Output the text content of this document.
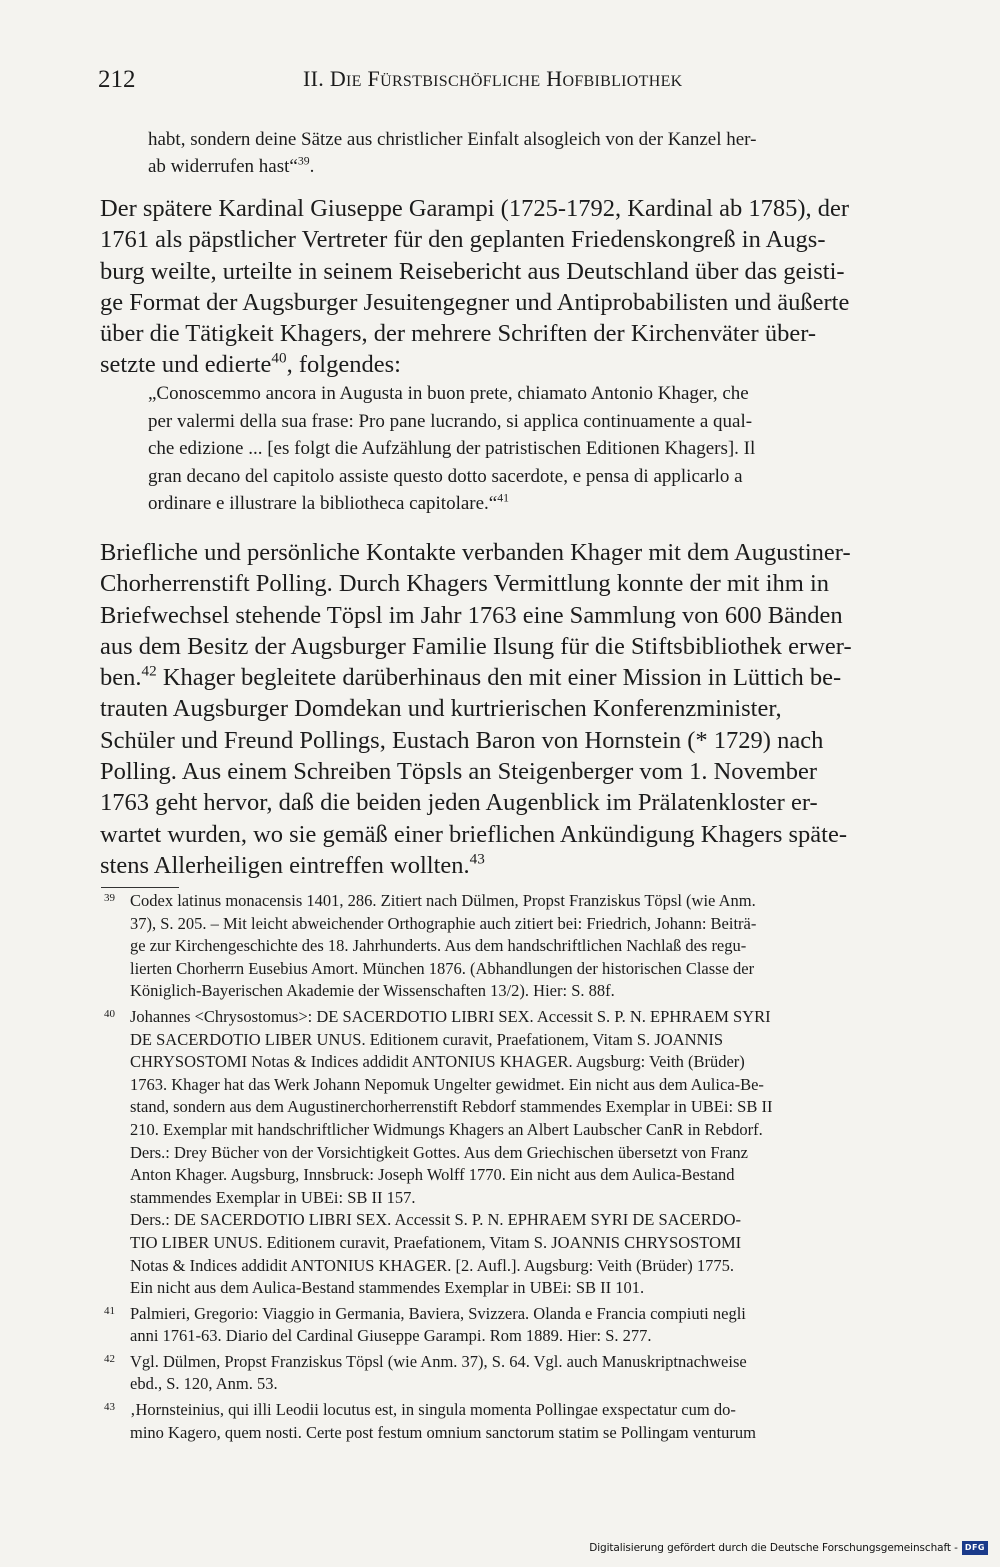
212	II. DIE FÜRSTBISCHÖFLICHE HOFBIBLIOTHEK
habt, sondern deine Sätze aus christlicher Einfalt alsogleich von der Kanzel her-
ab widerrufen hast“$^{39}$.
Der spätere Kardinal Giuseppe Garampi (1725-1792, Kardinal ab 1785), der
1761 als päpstlicher Vertreter für den geplanten Friedenskongreß in Augs-
burg weilte, urteilte in seinem Reisebericht aus Deutschland über das geisti-
ge Format der Augsburger Jesuitengegner und Antiprobabilisten und äußerte
über die Tätigkeit Khagers, der mehrere Schriften der Kirchenväter über-
setzte und edierte$^{40}$, folgendes:
„Conoscemmo ancora in Augusta in buon prete, chiamato Antonio Khager, che
per valermi della sua frase: Pro pane lucrando, si applica continuamente a qual-
che edizione ... [es folgt die Aufzählung der patristischen Editionen Khagers]. Il
gran decano del capitolo assiste questo dotto sacerdote, e pensa di applicarlo a
ordinare e illustrare la bibliotheca capitolare.“$^{41}$
Briefliche und persönliche Kontakte verbanden Khager mit dem Augustiner-
Chorherrenstift Polling. Durch Khagers Vermittlung konnte der mit ihm in
Briefwechsel stehende Töpsl im Jahr 1763 eine Sammlung von 600 Bänden
aus dem Besitz der Augsburger Familie Ilsung für die Stiftsbibliothek erwer-
ben.$^{42}$ Khager begleitete darüberhinaus den mit einer Mission in Lüttich be-
trauten Augsburger Domdekan und kurtrierischen Konferenzminister,
Schüler und Freund Pollings, Eustach Baron von Hornstein (* 1729) nach
Polling. Aus einem Schreiben Töpsls an Steigenberger vom 1. November
1763 geht hervor, daß die beiden jeden Augenblick im Prälatenkloster er-
wartet wurden, wo sie gemäß einer brieflichen Ankündigung Khagers späte-
stens Allerheiligen eintreffen wollten.$^{43}$
39 Codex latinus monacensis 1401, 286. Zitiert nach Dülmen, Propst Franziskus Töpsl (wie Anm.
37), S. 205. – Mit leicht abweichender Orthographie auch zitiert bei: Friedrich, Johann: Beiträ-
ge zur Kirchengeschichte des 18. Jahrhunderts. Aus dem handschriftlichen Nachlaß des regu-
lierten Chorherrn Eusebius Amort. München 1876. (Abhandlungen der historischen Classe der
Königlich-Bayerischen Akademie der Wissenschaften 13/2). Hier: S. 88f.
40 Johannes <Chrysostomus>: DE SACERDOTIO LIBRI SEX. Accessit S. P. N. EPHRAEM SYRI
DE SACERDOTIO LIBER UNUS. Editionem curavit, Praefationem, Vitam S. JOANNIS
CHRYSOSTOMI Notas & Indices addidit ANTONIUS KHAGER. Augsburg: Veith (Brüder)
1763. Khager hat das Werk Johann Nepomuk Ungelter gewidmet. Ein nicht aus dem Aulica-Be-
stand, sondern aus dem Augustinerchorherrenstift Rebdorf stammendes Exemplar in UBEi: SB II
210. Exemplar mit handschriftlicher Widmungs Khagers an Albert Laubscher CanR in Rebdorf.
Ders.: Drey Bücher von der Vorsichtigkeit Gottes. Aus dem Griechischen übersetzt von Franz
Anton Khager. Augsburg, Innsbruck: Joseph Wolff 1770. Ein nicht aus dem Aulica-Bestand
stammendes Exemplar in UBEi: SB II 157.
Ders.: DE SACERDOTIO LIBRI SEX. Accessit S. P. N. EPHRAEM SYRI DE SACERDO-
TIO LIBER UNUS. Editionem curavit, Praefationem, Vitam S. JOANNIS CHRYSOSTOMI
Notas & Indices addidit ANTONIUS KHAGER. [2. Aufl.]. Augsburg: Veith (Brüder) 1775.
Ein nicht aus dem Aulica-Bestand stammendes Exemplar in UBEi: SB II 101.
41 Palmieri, Gregorio: Viaggio in Germania, Baviera, Svizzera. Olanda e Francia compiuti negli
anni 1761-63. Diario del Cardinal Giuseppe Garampi. Rom 1889. Hier: S. 277.
42 Vgl. Dülmen, Propst Franziskus Töpsl (wie Anm. 37), S. 64. Vgl. auch Manuskriptnachweise
ebd., S. 120, Anm. 53.
43 ‚Hornsteinius, qui illi Leodii locutus est, in singula momenta Pollingae exspectatur cum do-
mino Kagero, quem nosti. Certe post festum omnium sanctorum statim se Pollingam venturum
Digitalisierung gefördert durch die Deutsche Forschungsgemeinschaft - DFG
